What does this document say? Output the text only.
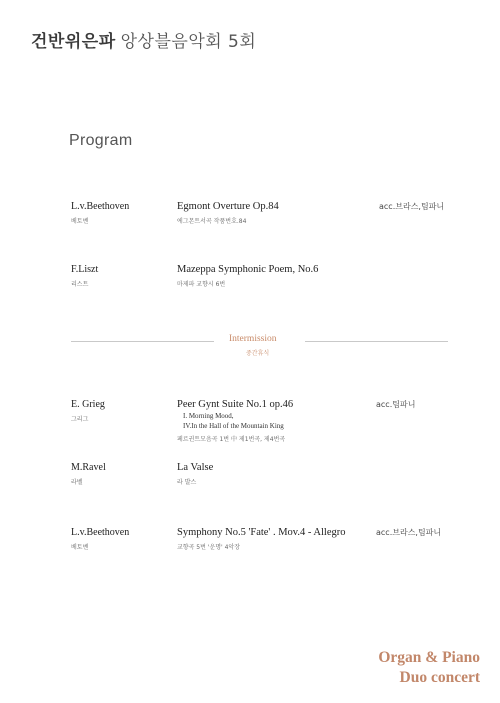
건반위은파 앙상블음악회 5회
Program
L.v.Beethoven
베토벤
Egmont Overture Op.84
에그몬트서곡 작품번호.84
acc.브라스,팀파니
F.Liszt
리스트
Mazeppa Symphonic Poem, No.6
마제파 교향시 6번
Intermission
중간휴식
E. Grieg
그리그
Peer Gynt Suite No.1 op.46
I. Morning Mood,
IV.In the Hall of the Mountain King
페르귄트모음곡 1번 中 제1번곡, 제4번곡
acc.팀파니
M.Ravel
라벨
La Valse
라 발스
L.v.Beethoven
베토벤
Symphony No.5 'Fate' . Mov.4 - Allegro
교향곡 5번 '운명' 4악장
acc.브라스,팀파니
Organ & Piano
Duo concert
